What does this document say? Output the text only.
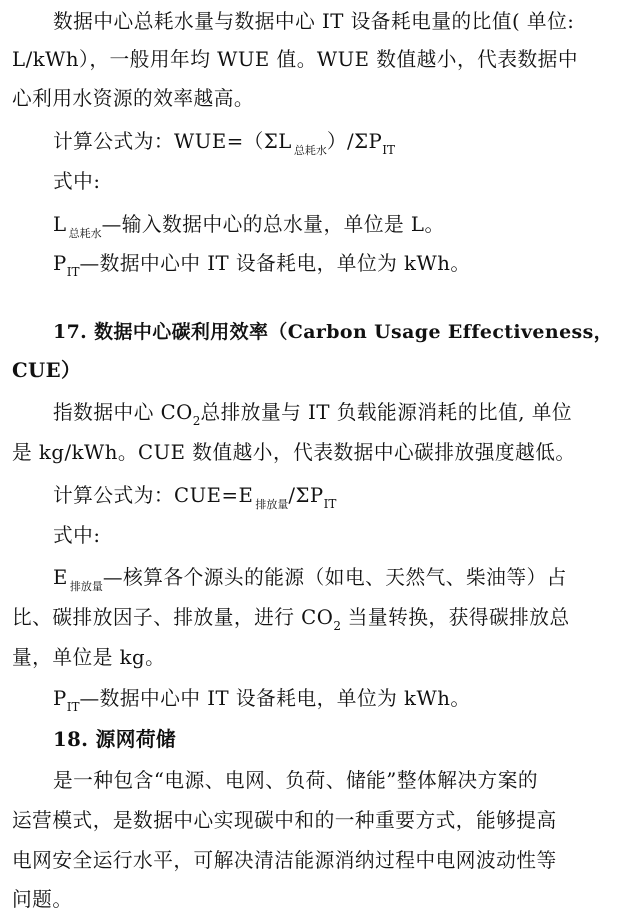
数据中心总耗水量与数据中心 IT 设备耗电量的比值( 单位:
L/kWh），一般用年均 WUE 值。WUE 数值越小，代表数据中
心利用水资源的效率越高。
计算公式为：WUE=（ΣL $_{总耗水})/\Sigma P_{IT}$
式中:
L $_{总耗水}$—输入数据中心的总水量，单位是 L。
$P_{IT}—$数据中心中 IT 设备耗电，单位为 kWh。
17. 数据中心碳利用效率（Carbon Usage Effectiveness，
CUE）
指数据中心 $CO_2$总排放量与 IT 负载能源消耗的比值, 单位
是 kg/kWh。CUE 数值越小，代表数据中心碳排放强度越低。
计算公式为：CUE=E $_{排放量}/\Sigma P_{IT}$
式中:
E $_{排放量}$—核算各个源头的能源（如电、天然气、柴油等）占
比、碳排放因子、排放量，进行 $CO_2$ 当量转换，获得碳排放总
量，单位是 kg。
$P_{IT}—$数据中心中 IT 设备耗电，单位为 kWh。
18. 源网荷储
是一种包含“电源、电网、负荷、储能”整体解决方案的
运营模式，是数据中心实现碳中和的一种重要方式，能够提高
电网安全运行水平，可解决清洁能源消纳过程中电网波动性等
问题。
